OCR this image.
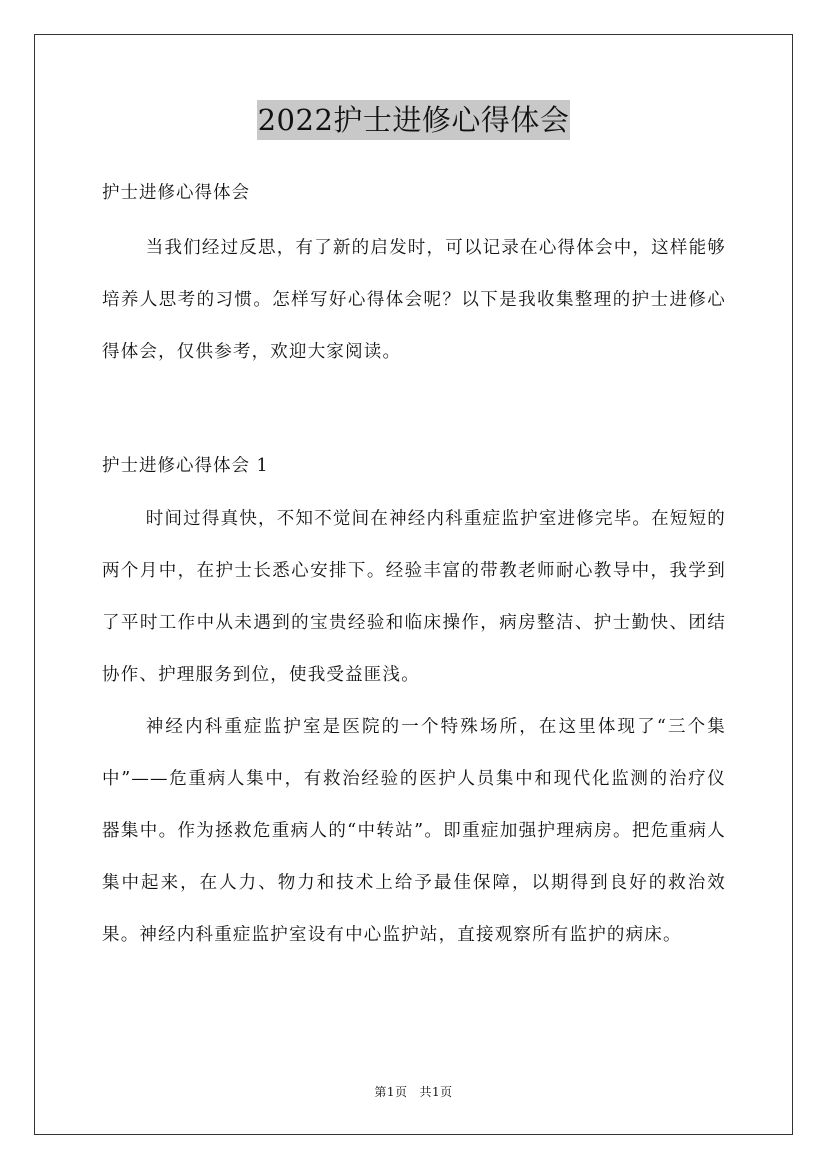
2022护士进修心得体会
护士进修心得体会

当我们经过反思，有了新的启发时，可以记录在心得体会中，这样能够培养人思考的习惯。怎样写好心得体会呢？以下是我收集整理的护士进修心得体会，仅供参考，欢迎大家阅读。

护士进修心得体会 1

时间过得真快，不知不觉间在神经内科重症监护室进修完毕。在短短的两个月中，在护士长悉心安排下。经验丰富的带教老师耐心教导中，我学到了平时工作中从未遇到的宝贵经验和临床操作，病房整洁、护士勤快、团结协作、护理服务到位，使我受益匪浅。

神经内科重症监护室是医院的一个特殊场所，在这里体现了“三个集中”——危重病人集中，有救治经验的医护人员集中和现代化监测的治疗仪器集中。作为拯救危重病人的“中转站”。即重症加强护理病房。把危重病人集中起来，在人力、物力和技术上给予最佳保障，以期得到良好的救治效果。神经内科重症监护室设有中心监护站，直接观察所有监护的病床。

第1页 共1页
